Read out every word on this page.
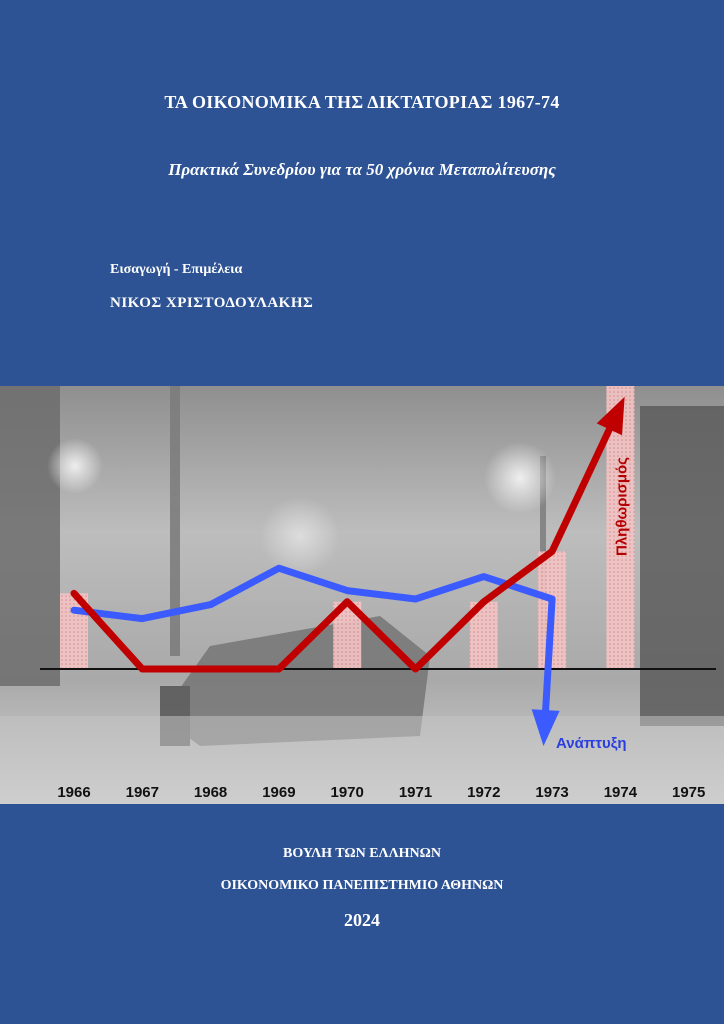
ΤΑ ΟΙΚΟΝΟΜΙΚΑ ΤΗΣ ΔΙΚΤΑΤΟΡΙΑΣ 1967-74
Πρακτικά Συνεδρίου για τα 50 χρόνια Μεταπολίτευσης
Εισαγωγή - Επιμέλεια
ΝΙΚΟΣ ΧΡΙΣΤΟΔΟΥΛΑΚΗΣ
Πληθωρισμός
Ανάπτυξη
1966 1967 1968 1969 1970 1971 1972 1973 1974 1975
ΒΟΥΛΗ ΤΩΝ ΕΛΛΗΝΩΝ
ΟΙΚΟΝΟΜΙΚΟ ΠΑΝΕΠΙΣΤΗΜΙΟ ΑΘΗΝΩΝ
2024
